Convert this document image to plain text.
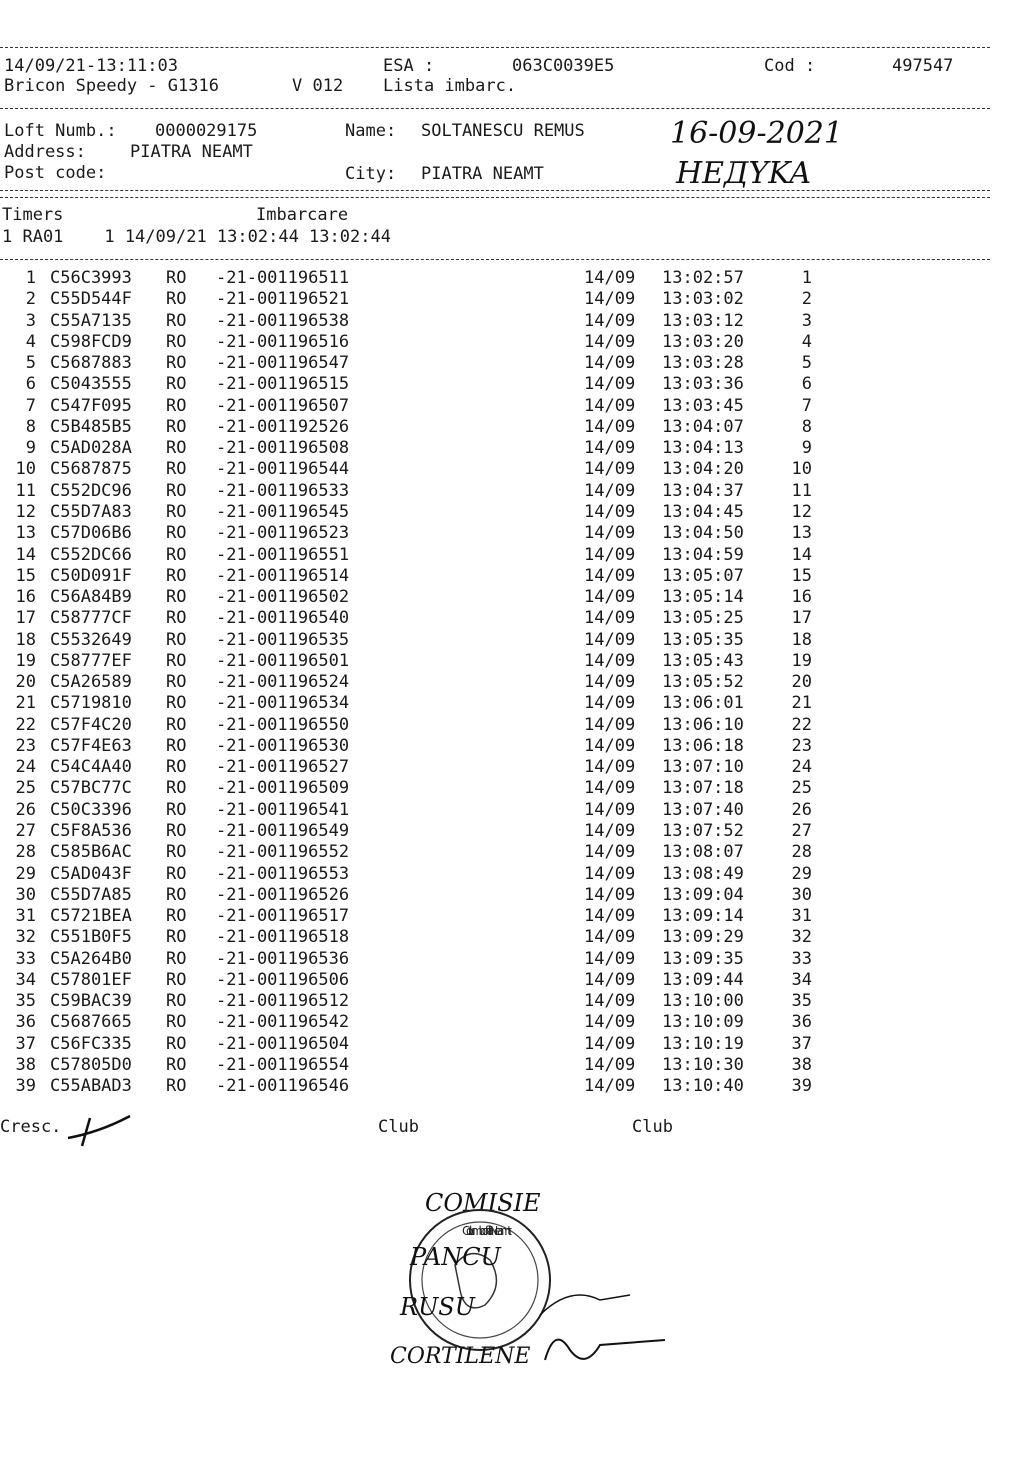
14/09/21-13:11:03	ESA :	063C0039E5	Cod :	497547
Bricon Speedy - G1316	V 012 Lista imbarc.
Loft Numb.: 0000029175	Name: SOLTANESCU REMUS
Address:	PIATRA NEAMT
Post code:	City: PIATRA NEAMT
16-09-2021
HEДYKA
Timers	Imbarcare
1 RA01    1 14/09/21 13:02:44 13:02:44
1 C56C3993 RO -21-001196511	14/09 13:02:57	1
2 C55D544F RO -21-001196521	14/09 13:03:02	2
3 C55A7135 RO -21-001196538	14/09 13:03:12	3
4 C598FCD9 RO -21-001196516	14/09 13:03:20	4
5 C5687883 RO -21-001196547	14/09 13:03:28	5
6 C5043555 RO -21-001196515	14/09 13:03:36	6
7 C547F095 RO -21-001196507	14/09 13:03:45	7
8 C5B485B5 RO -21-001192526	14/09 13:04:07	8
9 C5AD028A RO -21-001196508	14/09 13:04:13	9
10 C5687875 RO -21-001196544	14/09 13:04:20	10
11 C552DC96 RO -21-001196533	14/09 13:04:37	11
12 C55D7A83 RO -21-001196545	14/09 13:04:45	12
13 C57D06B6 RO -21-001196523	14/09 13:04:50	13
14 C552DC66 RO -21-001196551	14/09 13:04:59	14
15 C50D091F RO -21-001196514	14/09 13:05:07	15
16 C56A84B9 RO -21-001196502	14/09 13:05:14	16
17 C58777CF RO -21-001196540	14/09 13:05:25	17
18 C5532649 RO -21-001196535	14/09 13:05:35	18
19 C58777EF RO -21-001196501	14/09 13:05:43	19
20 C5A26589 RO -21-001196524	14/09 13:05:52	20
21 C5719810 RO -21-001196534	14/09 13:06:01	21
22 C57F4C20 RO -21-001196550	14/09 13:06:10	22
23 C57F4E63 RO -21-001196530	14/09 13:06:18	23
24 C54C4A40 RO -21-001196527	14/09 13:07:10	24
25 C57BC77C RO -21-001196509	14/09 13:07:18	25
26 C50C3396 RO -21-001196541	14/09 13:07:40	26
27 C5F8A536 RO -21-001196549	14/09 13:07:52	27
28 C585B6AC RO -21-001196552	14/09 13:08:07	28
29 C5AD043F RO -21-001196553	14/09 13:08:49	29
30 C55D7A85 RO -21-001196526	14/09 13:09:04	30
31 C5721BEA RO -21-001196517	14/09 13:09:14	31
32 C551B0F5 RO -21-001196518	14/09 13:09:29	32
33 C5A264B0 RO -21-001196536	14/09 13:09:35	33
34 C57801EF RO -21-001196506	14/09 13:09:44	34
35 C59BAC39 RO -21-001196512	14/09 13:10:00	35
36 C5687665 RO -21-001196542	14/09 13:10:09	36
37 C56FC335 RO -21-001196504	14/09 13:10:19	37
38 C57805D0 RO -21-001196554	14/09 13:10:30	38
39 C55ABAD3 RO -21-001196546	14/09 13:10:40	39
Cresc.	Club	Club
COMISIE
Columbofila Neamt
PANCU
RUSU
CORTILENE
